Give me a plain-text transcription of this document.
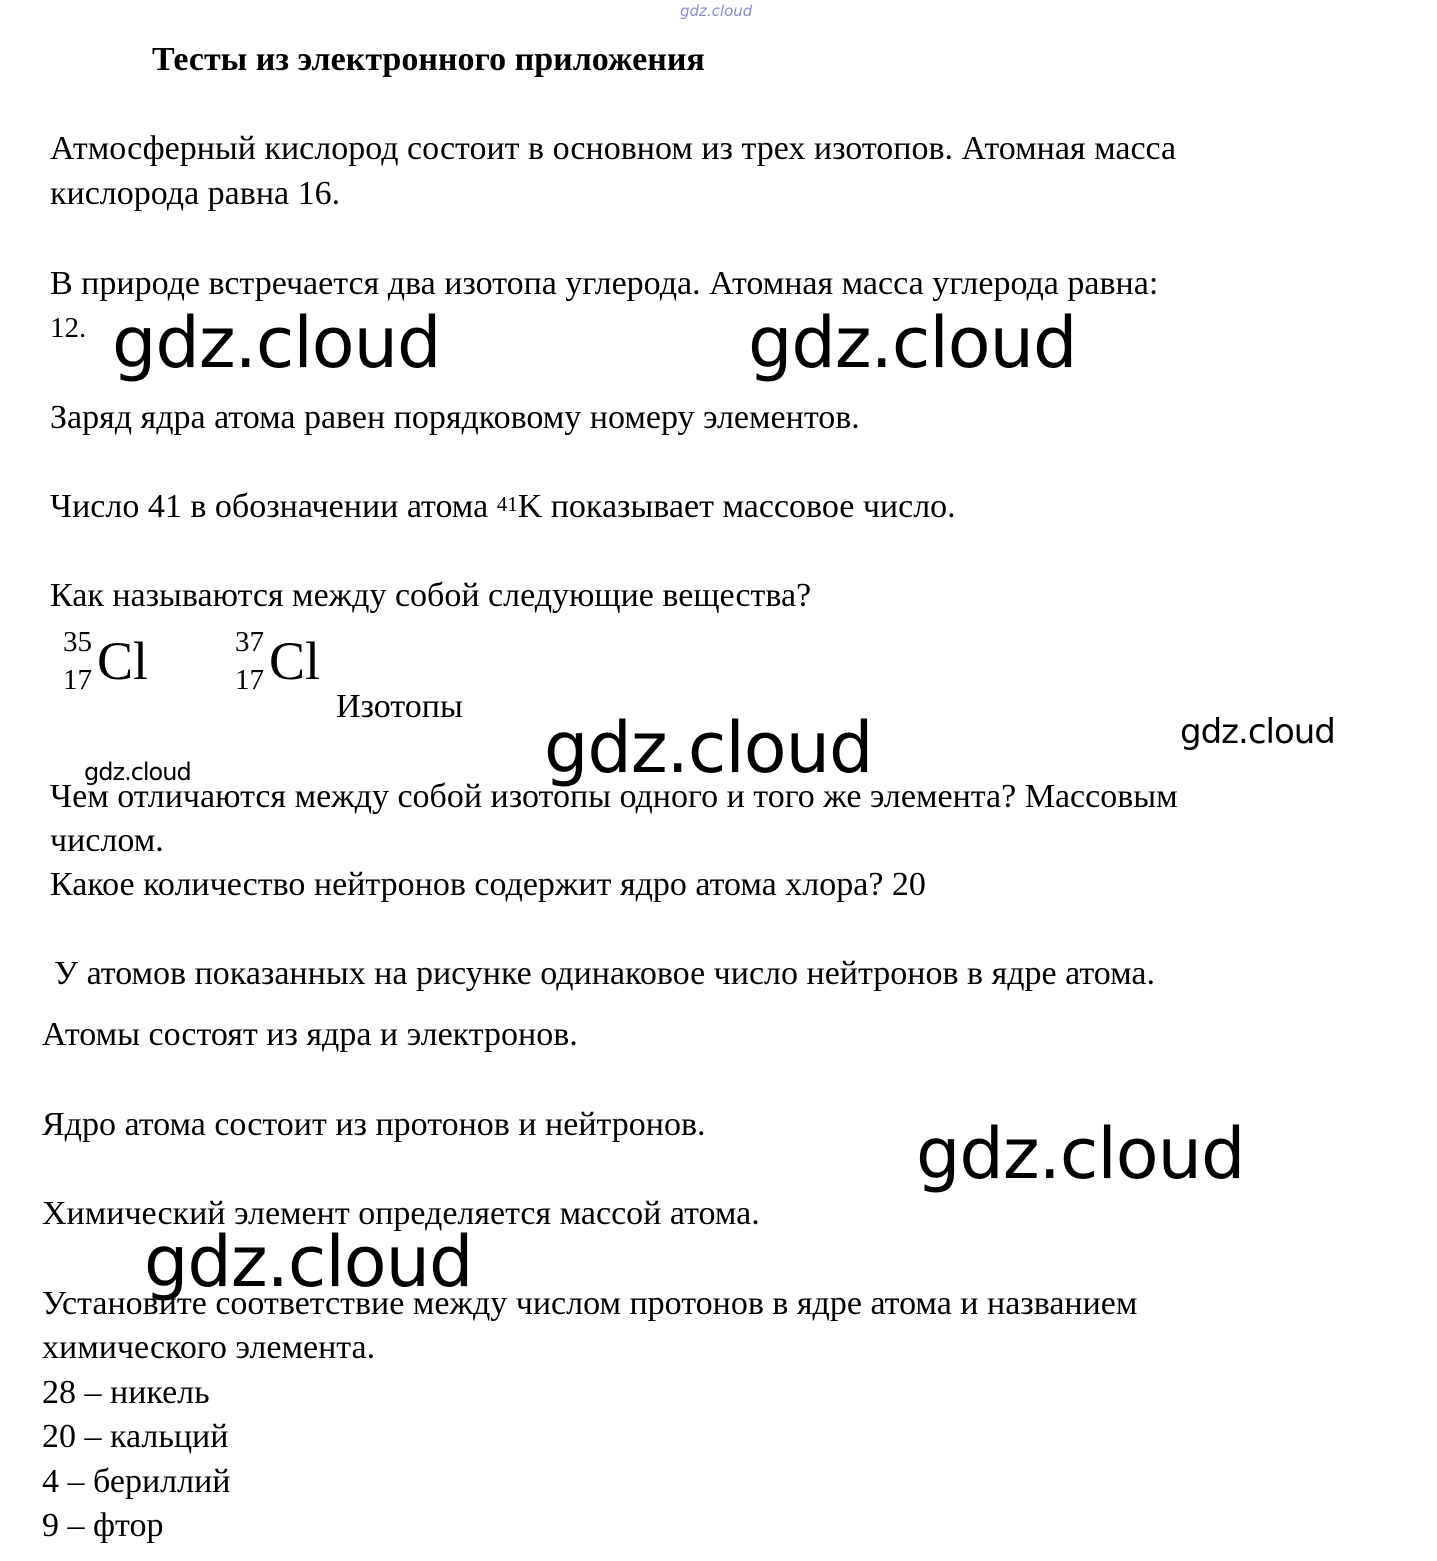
gdz.cloud
Тесты из электронного приложения

Атмосферный кислород состоит в основном из трех изотопов. Атомная масса

кислорода равна 16.

В природе встречается два изотопа углерода. Атомная масса углерода равна:

12.

Заряд ядра атома равен порядковому номеру элементов.

Число 41 в обозначении атома $^{41}$K показывает массовое число.

Как называются между собой следующие вещества?

35
17 Cl	37
17 Cl

Изотопы

Чем отличаются между собой изотопы одного и того же элемента? Массовым

числом.

Какое количество нейтронов содержит ядро атома хлора? 20

У атомов показанных на рисунке одинаковое число нейтронов в ядре атома.

Атомы состоят из ядра и электронов.

Ядро атома состоит из протонов и нейтронов.

Химический элемент определяется массой атома.

Установите соответствие между числом протонов в ядре атома и названием

химического элемента.

28 – никель

20 – кальций

4 – бериллий

9 – фтор

gdz.cloud	gdz.cloud
gdz.cloud	gdz.cloud
gdz.cloud
gdz.cloud
gdz.cloud
